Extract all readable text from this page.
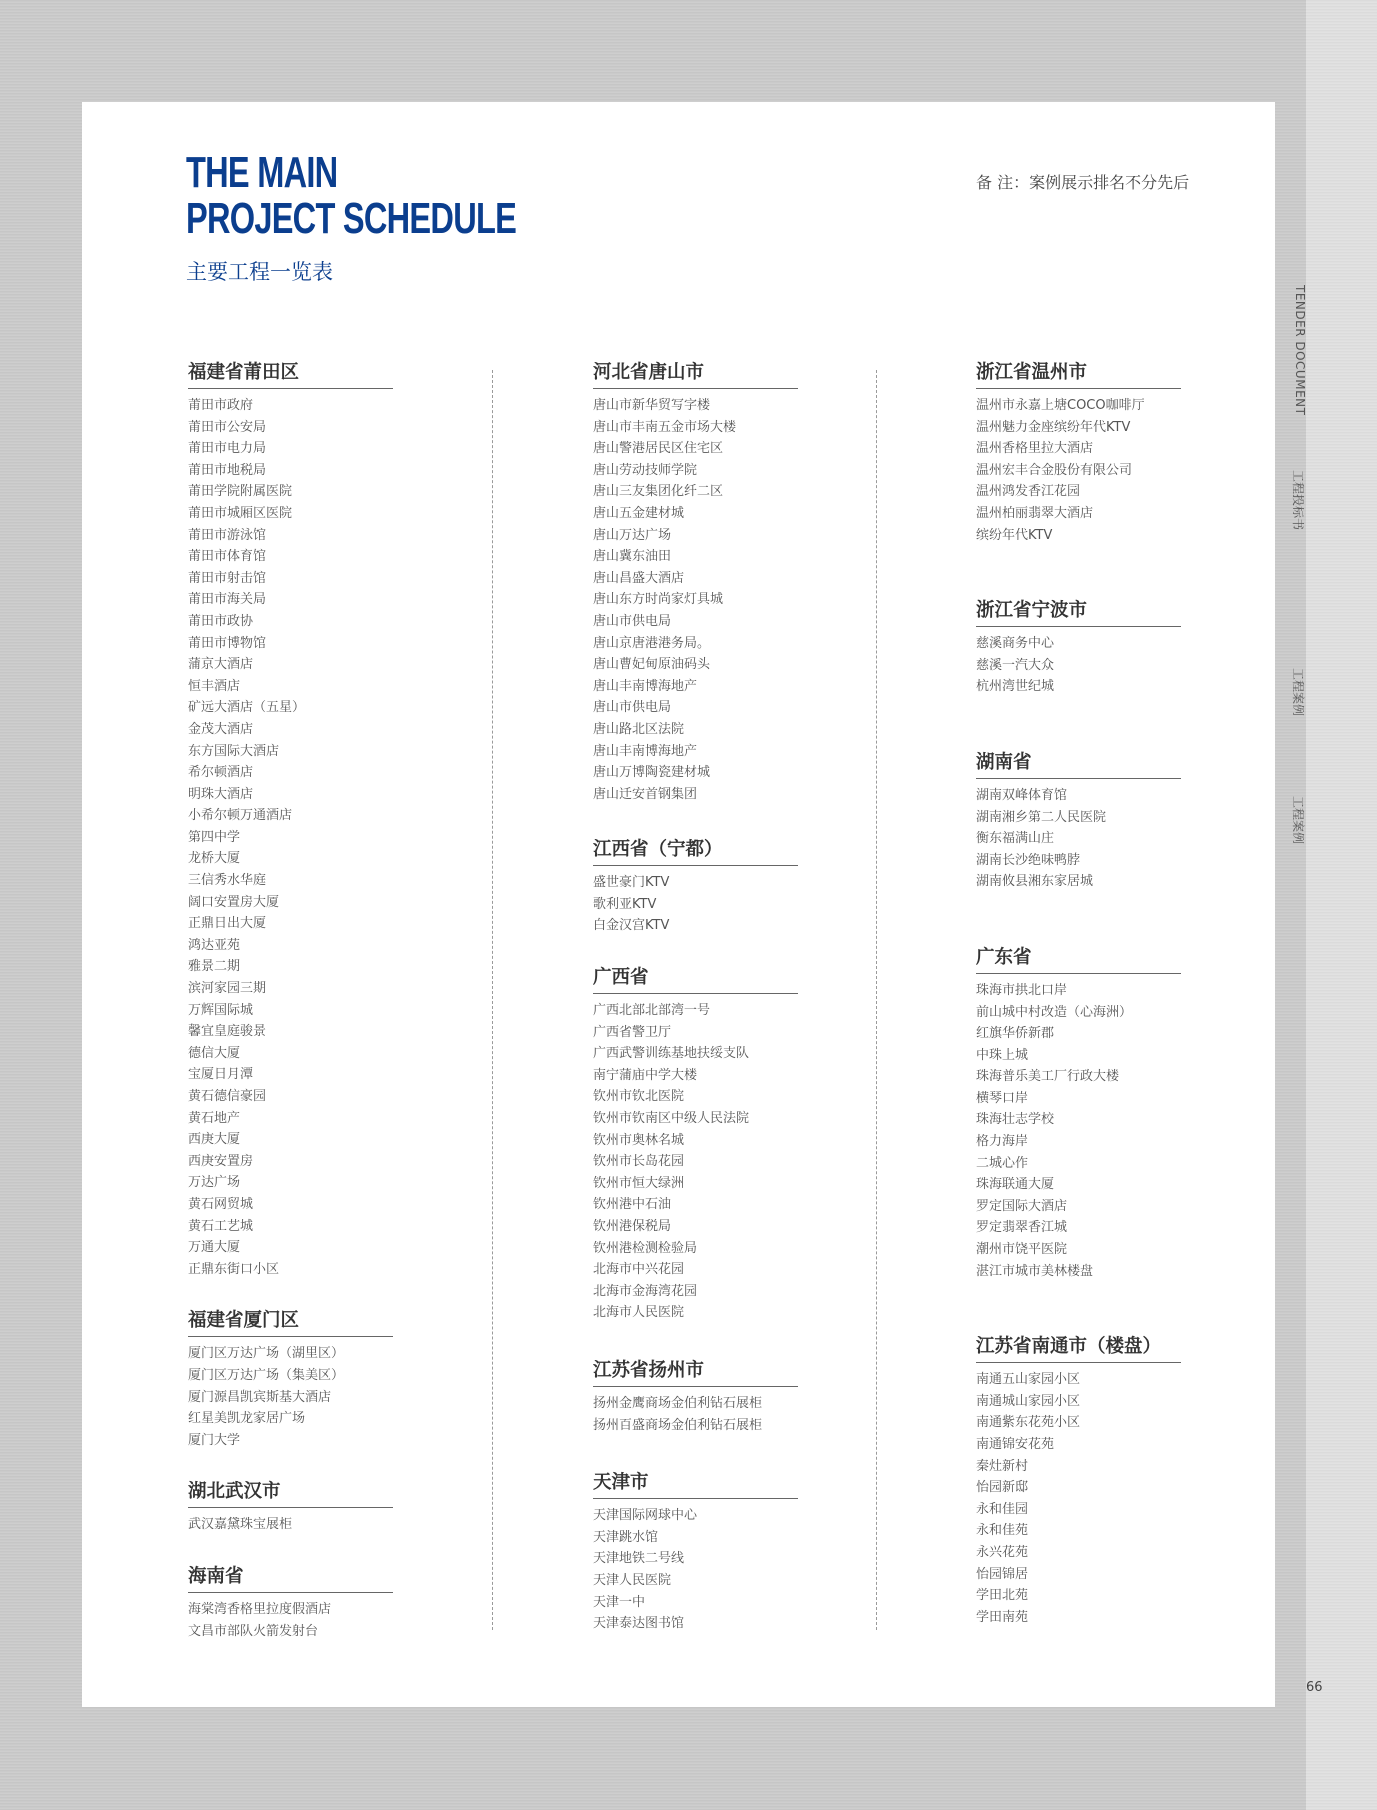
THE MAIN
PROJECT SCHEDULE
主要工程一览表
备 注：案例展示排名不分先后
福建省莆田区
莆田市政府
莆田市公安局
莆田市电力局
莆田市地税局
莆田学院附属医院
莆田市城厢区医院
莆田市游泳馆
莆田市体育馆
莆田市射击馆
莆田市海关局
莆田市政协
莆田市博物馆
蒲京大酒店
恒丰酒店
矿远大酒店（五星）
金茂大酒店
东方国际大酒店
希尔顿酒店
明珠大酒店
小希尔顿万通酒店
第四中学
龙桥大厦
三信秀水华庭
阔口安置房大厦
正鼎日出大厦
鸿达亚苑
雅景二期
滨河家园三期
万辉国际城
馨宜皇庭骏景
德信大厦
宝厦日月潭
黄石德信豪园
黄石地产
西庚大厦
西庚安置房
万达广场
黄石网贸城
黄石工艺城
万通大厦
正鼎东街口小区
福建省厦门区
厦门区万达广场（湖里区）
厦门区万达广场（集美区）
厦门源昌凯宾斯基大酒店
红星美凯龙家居广场
厦门大学
湖北武汉市
武汉嘉黛珠宝展柜
海南省
海棠湾香格里拉度假酒店
文昌市部队火箭发射台
河北省唐山市
唐山市新华贸写字楼
唐山市丰南五金市场大楼
唐山警港居民区住宅区
唐山劳动技师学院
唐山三友集团化纤二区
唐山五金建材城
唐山万达广场
唐山冀东油田
唐山昌盛大酒店
唐山东方时尚家灯具城
唐山市供电局
唐山京唐港港务局。
唐山曹妃甸原油码头
唐山丰南博海地产
唐山市供电局
唐山路北区法院
唐山丰南博海地产
唐山万博陶瓷建材城
唐山迁安首钢集团
江西省（宁都）
盛世豪门KTV
歌利亚KTV
白金汉宫KTV
广西省
广西北部北部湾一号
广西省警卫厅
广西武警训练基地扶绥支队
南宁蒲庙中学大楼
钦州市钦北医院
钦州市钦南区中级人民法院
钦州市奥林名城
钦州市长岛花园
钦州市恒大绿洲
钦州港中石油
钦州港保税局
钦州港检测检验局
北海市中兴花园
北海市金海湾花园
北海市人民医院
江苏省扬州市
扬州金鹰商场金伯利钻石展柜
扬州百盛商场金伯利钻石展柜
天津市
天津国际网球中心
天津跳水馆
天津地铁二号线
天津人民医院
天津一中
天津泰达图书馆
浙江省温州市
温州市永嘉上塘COCO咖啡厅
温州魅力金座缤纷年代KTV
温州香格里拉大酒店
温州宏丰合金股份有限公司
温州鸿发香江花园
温州柏丽翡翠大酒店
缤纷年代KTV
浙江省宁波市
慈溪商务中心
慈溪一汽大众
杭州湾世纪城
湖南省
湖南双峰体育馆
湖南湘乡第二人民医院
衡东福满山庄
湖南长沙绝味鸭脖
湖南攸县湘东家居城
广东省
珠海市拱北口岸
前山城中村改造（心海洲）
红旗华侨新郡
中珠上城
珠海普乐美工厂行政大楼
横琴口岸
珠海壮志学校
格力海岸
二城心作
珠海联通大厦
罗定国际大酒店
罗定翡翠香江城
潮州市饶平医院
湛江市城市美林楼盘
江苏省南通市（楼盘）
南通五山家园小区
南通城山家园小区
南通紫东花苑小区
南通锦安花苑
秦灶新村
怡园新邸
永和佳园
永和佳苑
永兴花苑
怡园锦居
学田北苑
学田南苑
TENDER DOCUMENT
工程投标书
工程案例
工程案例
66
